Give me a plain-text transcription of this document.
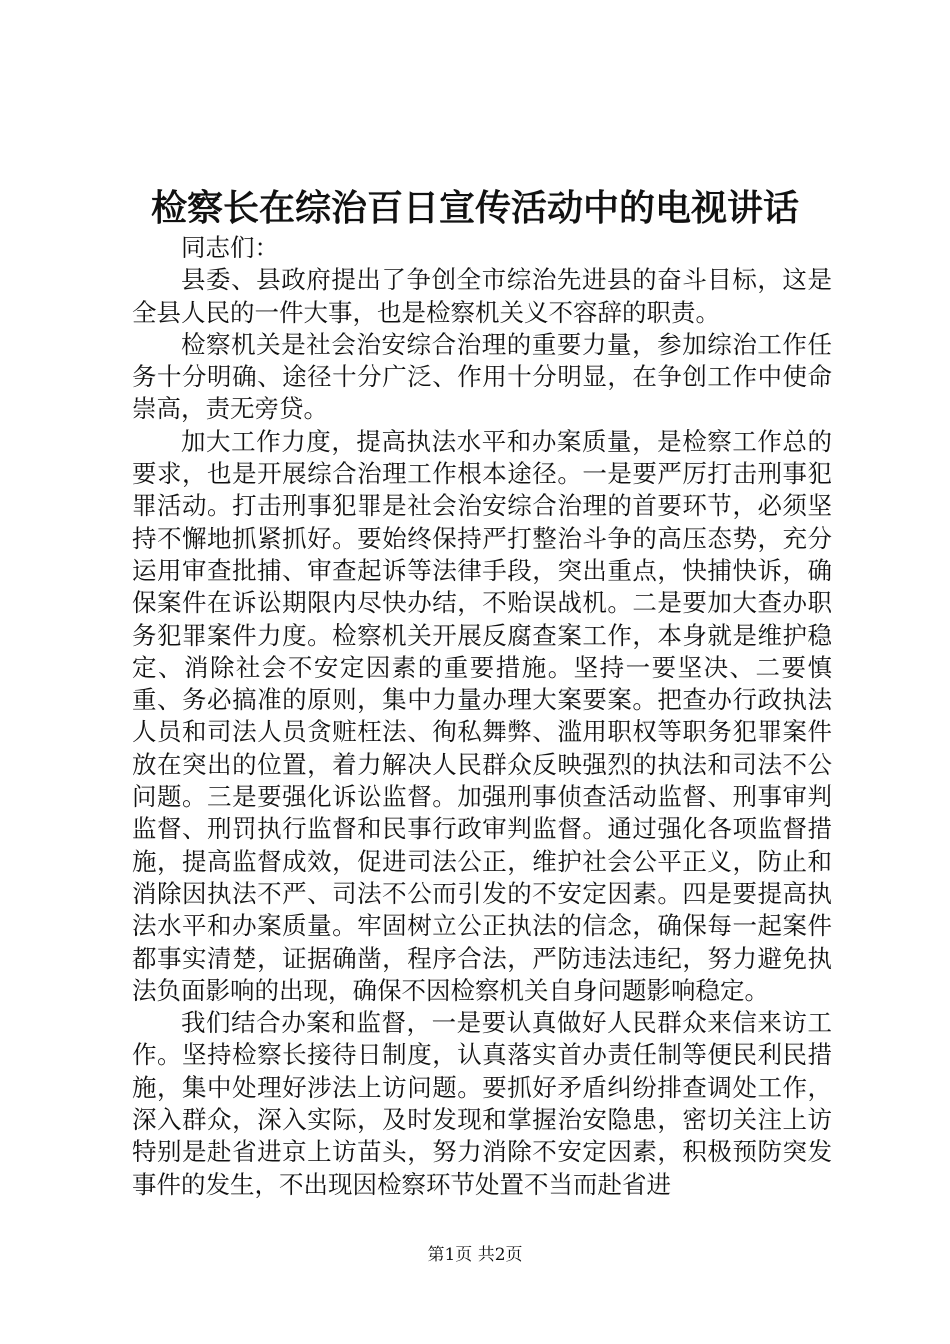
检察长在综治百日宣传活动中的电视讲话

同志们：

县委、县政府提出了争创全市综治先进县的奋斗目标，这是全县人民的一件大事，也是检察机关义不容辞的职责。

检察机关是社会治安综合治理的重要力量，参加综治工作任务十分明确、途径十分广泛、作用十分明显，在争创工作中使命崇高，责无旁贷。

加大工作力度，提高执法水平和办案质量，是检察工作总的要求，也是开展综合治理工作根本途径。一是要严厉打击刑事犯罪活动。打击刑事犯罪是社会治安综合治理的首要环节，必须坚持不懈地抓紧抓好。要始终保持严打整治斗争的高压态势，充分运用审查批捕、审查起诉等法律手段，突出重点，快捕快诉，确保案件在诉讼期限内尽快办结，不贻误战机。二是要加大查办职务犯罪案件力度。检察机关开展反腐查案工作，本身就是维护稳定、消除社会不安定因素的重要措施。坚持一要坚决、二要慎重、务必搞准的原则，集中力量办理大案要案。把查办行政执法人员和司法人员贪赃枉法、徇私舞弊、滥用职权等职务犯罪案件放在突出的位置，着力解决人民群众反映强烈的执法和司法不公问题。三是要强化诉讼监督。加强刑事侦查活动监督、刑事审判监督、刑罚执行监督和民事行政审判监督。通过强化各项监督措施，提高监督成效，促进司法公正，维护社会公平正义，防止和消除因执法不严、司法不公而引发的不安定因素。四是要提高执法水平和办案质量。牢固树立公正执法的信念，确保每一起案件都事实清楚，证据确凿，程序合法，严防违法违纪，努力避免执法负面影响的出现，确保不因检察机关自身问题影响稳定。

我们结合办案和监督，一是要认真做好人民群众来信来访工作。坚持检察长接待日制度，认真落实首办责任制等便民利民措施，集中处理好涉法上访问题。要抓好矛盾纠纷排查调处工作，深入群众，深入实际，及时发现和掌握治安隐患，密切关注上访特别是赴省进京上访苗头，努力消除不安定因素，积极预防突发事件的发生，不出现因检察环节处置不当而赴省进

第1页 共2页
